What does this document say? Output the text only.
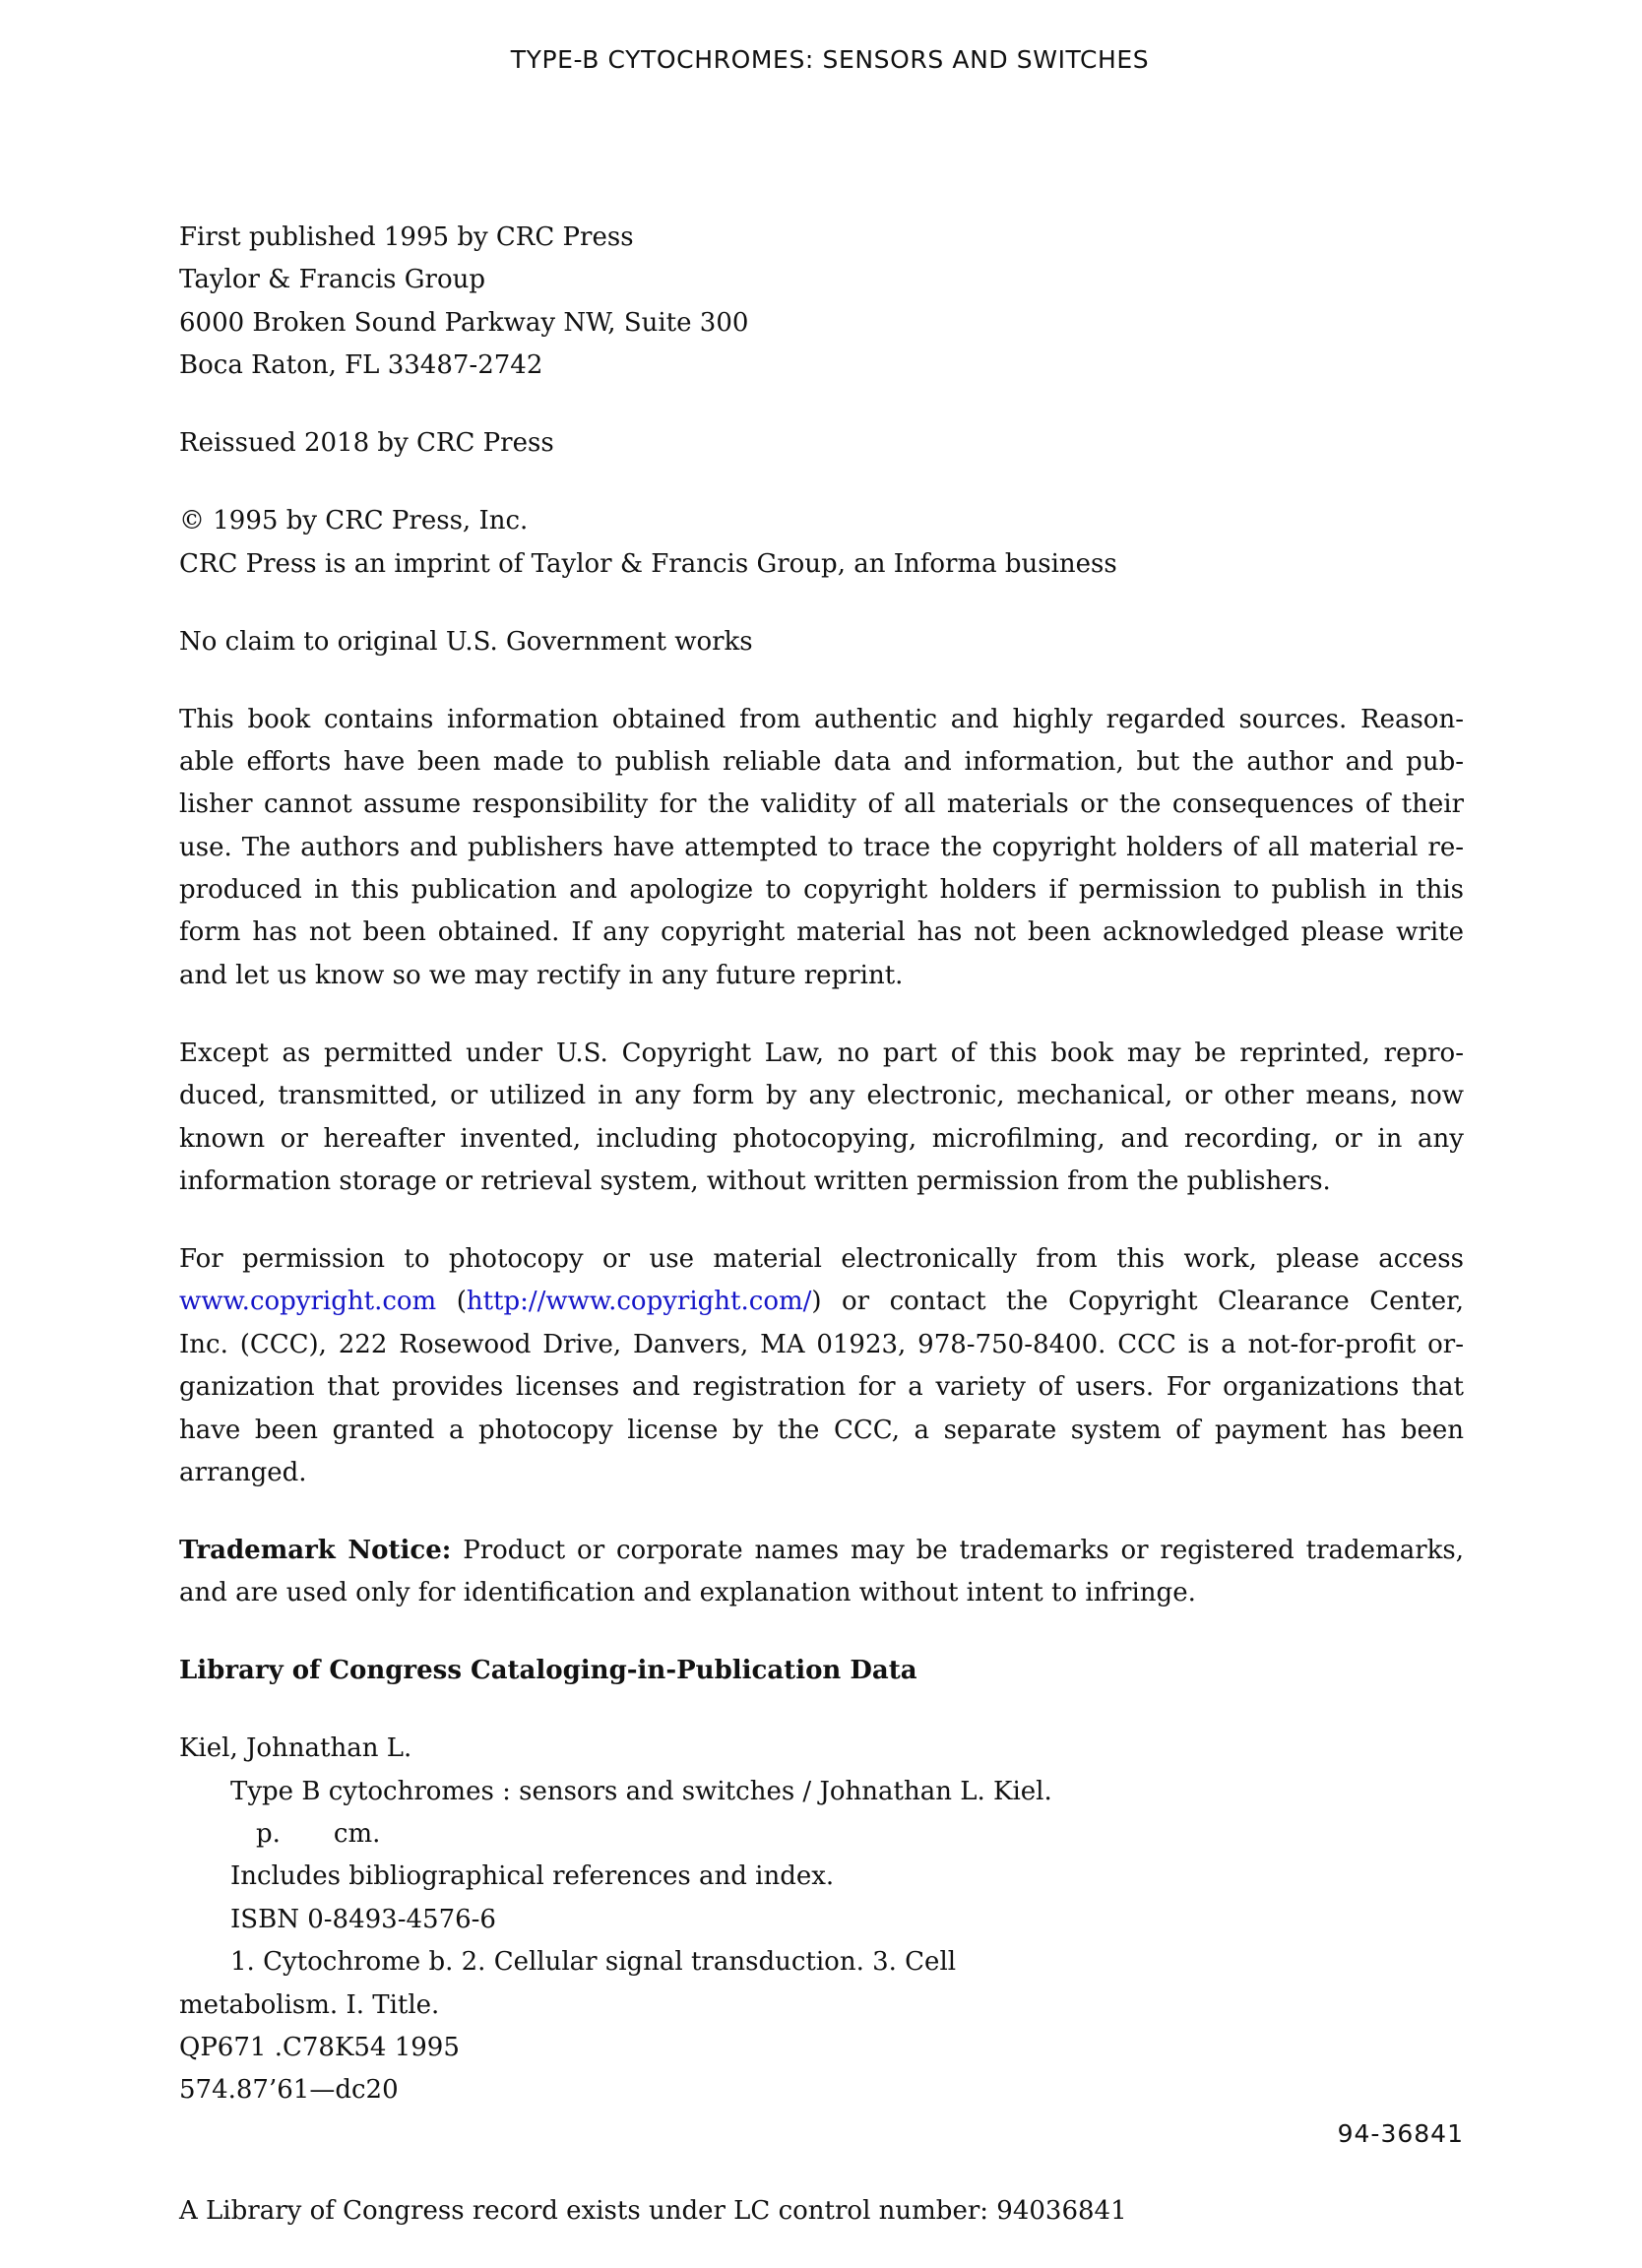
TYPE-B CYTOCHROMES: SENSORS AND SWITCHES
First published 1995 by CRC Press
Taylor & Francis Group
6000 Broken Sound Parkway NW, Suite 300
Boca Raton, FL 33487-2742
Reissued 2018 by CRC Press
© 1995 by CRC Press, Inc.
CRC Press is an imprint of Taylor & Francis Group, an Informa business
No claim to original U.S. Government works
This book contains information obtained from authentic and highly regarded sources. Reason-
able efforts have been made to publish reliable data and information, but the author and pub-
lisher cannot assume responsibility for the validity of all materials or the consequences of their
use. The authors and publishers have attempted to trace the copyright holders of all material re-
produced in this publication and apologize to copyright holders if permission to publish in this
form has not been obtained. If any copyright material has not been acknowledged please write
and let us know so we may rectify in any future reprint.
Except as permitted under U.S. Copyright Law, no part of this book may be reprinted, repro-
duced, transmitted, or utilized in any form by any electronic, mechanical, or other means, now
known or hereafter invented, including photocopying, microfilming, and recording, or in any
information storage or retrieval system, without written permission from the publishers.
For permission to photocopy or use material electronically from this work, please access
www.copyright.com (http://www.copyright.com/) or contact the Copyright Clearance Center,
Inc. (CCC), 222 Rosewood Drive, Danvers, MA 01923, 978-750-8400. CCC is a not-for-profit or-
ganization that provides licenses and registration for a variety of users. For organizations that
have been granted a photocopy license by the CCC, a separate system of payment has been
arranged.
Trademark Notice: Product or corporate names may be trademarks or registered trademarks,
and are used only for identification and explanation without intent to infringe.
Library of Congress Cataloging-in-Publication Data
Kiel, Johnathan L.
Type B cytochromes : sensors and switches / Johnathan L. Kiel.
p. cm.
Includes bibliographical references and index.
ISBN 0-8493-4576-6
1. Cytochrome b. 2. Cellular signal transduction. 3. Cell
metabolism. I. Title.
QP671 .C78K54 1995
574.87’61—dc20
94-36841
A Library of Congress record exists under LC control number: 94036841
